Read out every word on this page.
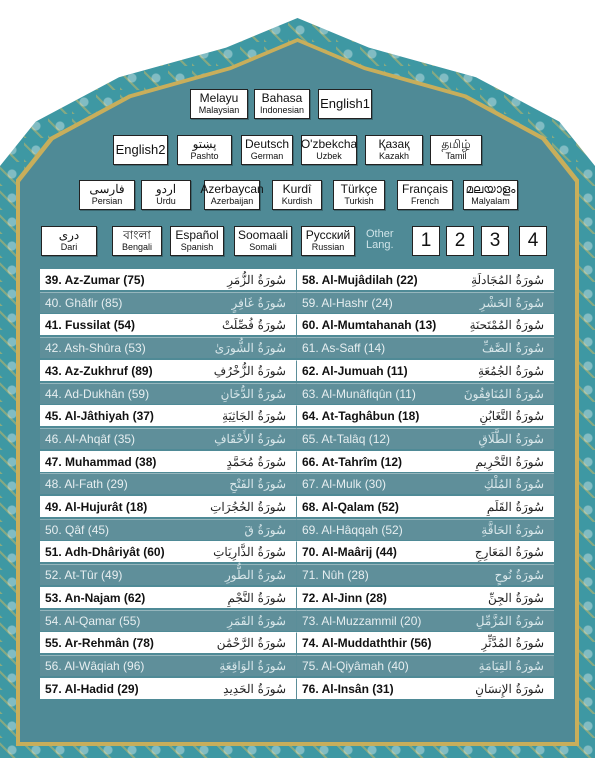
Melayu
Malaysian
Bahasa
Indonesian English1
English2 پښتو
Pashto
Deutsch
German
O'zbekcha
Uzbek
Қазақ
Kazakh
தமிழ்
Tamil
فارسی
Persian
اردو
Urdu
Azerbaycan
Azerbaijan
Kurdî
Kurdish
Türkçe
Turkish
Français
French
മലയാളം
Malyalam
دری
Dari
বাংলা
Bengali
Español
Spanish
Soomaali
Somali
Русский
Russian
Other
Lang.	1	2	3	4
39. Az-Zumar (75)	سُورَةُ الزُّمَرِ 58. Al-Mujâdilah (22)	سُورَةُ المُجَادلَةِ
40. Ghâfir (85)	سُورَةُ غَافِرٍ 59. Al-Hashr (24)	سُورَةُ الحَشْرِ
41. Fussilat (54)	سُورَةُ فُصِّلَتْ 60. Al-Mumtahanah (13)	سُورَةُ المُمْتَحنَةِ
42. Ash-Shûra (53)	سُورَةُ الشُّورَىٰ 61. As-Saff (14)	سُورَةُ الصَّفِّ
43. Az-Zukhruf (89)	سُورَةُ الزُّخْرُفِ 62. Al-Jumuah (11)	سُورَةُ الجُمُعَةِ
44. Ad-Dukhân (59)	سُورَةُ الدُّخَانِ 63. Al-Munâfiqûn (11)	سُورَةُ المُنَافِقُونَ
45. Al-Jâthiyah (37)	سُورَةُ الجَاثِيَةِ 64. At-Taghâbun (18)	سُورَةُ التَّغَابُنِ
46. Al-Ahqâf (35)	سُورَةُ الأَحْقَافِ 65. At-Talâq (12)	سُورَةُ الطَّلَاقِ
47. Muhammad (38)	سُورَةُ مُحَمَّدٍ 66. At-Tahrîm (12)	سُورَةُ التَّحْرِيمِ
48. Al-Fath (29)	سُورَةُ الفَتْحِ 67. Al-Mulk (30)	سُورَةُ المُلْكِ
49. Al-Hujurât (18)	سُورَةُ الحُجُرَاتِ 68. Al-Qalam (52)	سُورَةُ القَلَمِ
50. Qâf (45)	سُورَةُ قٓ 69. Al-Hâqqah (52)	سُورَةُ الحَاقَّةِ
51. Adh-Dhâriyât (60)	سُورَةُ الذَّارِيَاتِ 70. Al-Maârij (44)	سُورَةُ المَعَارِجِ
52. At-Tûr (49)	سُورَةُ الطُّورِ 71. Nûh (28)	سُورَةُ نُوحٍ
53. An-Najam (62)	سُورَةُ النَّجْمِ 72. Al-Jinn (28)	سُورَةُ الجِنِّ
54. Al-Qamar (55)	سُورَةُ القَمَرِ 73. Al-Muzzammil (20)	سُورَةُ المُزَّمِّلِ
55. Ar-Rehmân (78)	سُورَةُ الرَّحْمَٰن 74. Al-Muddaththir (56)	سُورَةُ المُدَّثِّرِ
56. Al-Wâqiah (96)	سُورَةُ الوَاقِعَةِ 75. Al-Qiyâmah (40)	سُورَةُ القِيَامَةِ
57. Al-Hadid (29)	سُورَةُ الحَدِيدِ 76. Al-Insân (31)	سُورَةُ الإِنسَانِ
